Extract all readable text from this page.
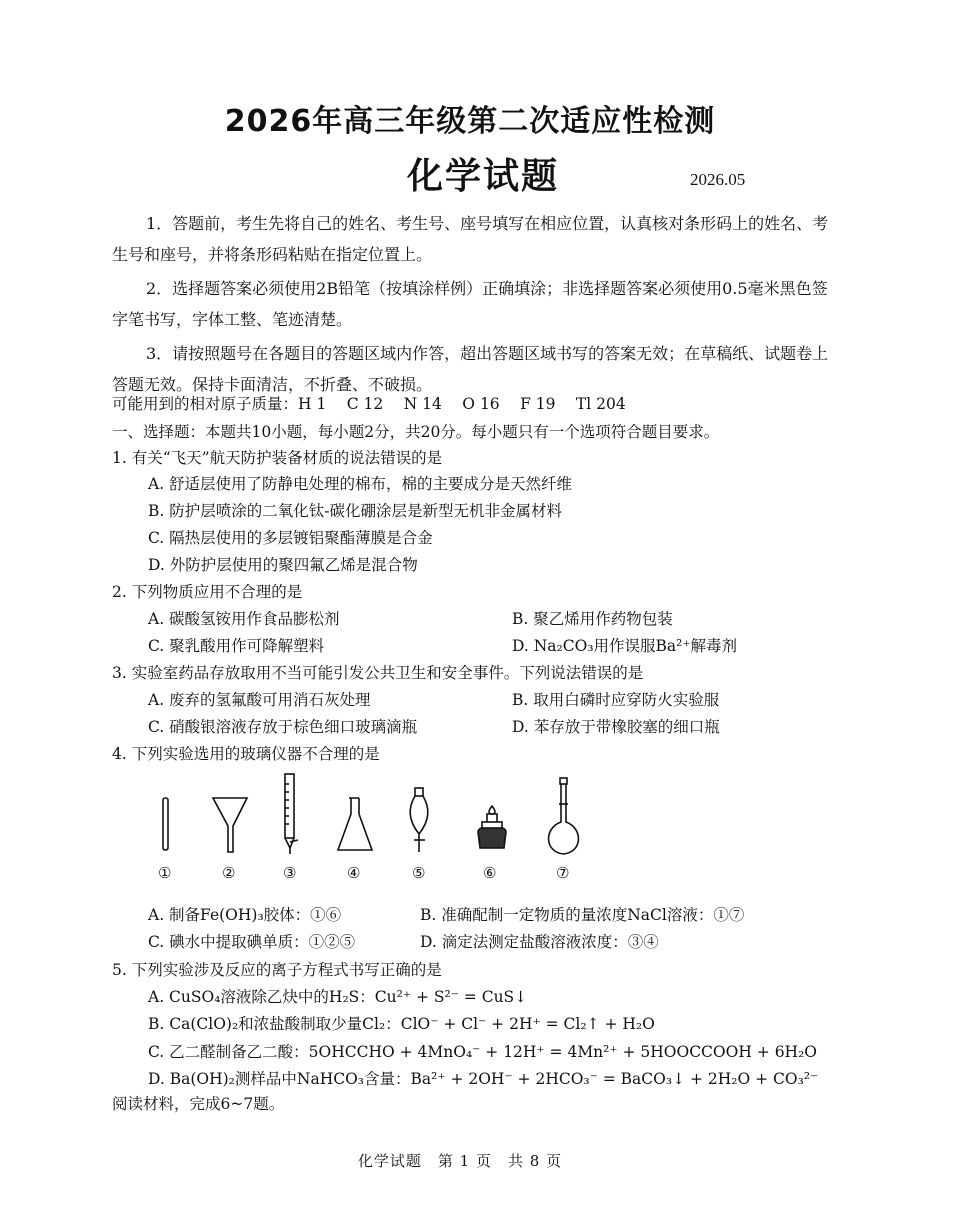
2026年高三年级第二次适应性检测
化学试题	2026.05

1．答题前，考生先将自己的姓名、考生号、座号填写在相应位置，认真核对条形码上的姓名、考生号和座号，并将条形码粘贴在指定位置上。

2．选择题答案必须使用2B铅笔（按填涂样例）正确填涂；非选择题答案必须使用0.5毫米黑色签字笔书写，字体工整、笔迹清楚。

3．请按照题号在各题目的答题区域内作答，超出答题区域书写的答案无效；在草稿纸、试题卷上答题无效。保持卡面清洁，不折叠、不破损。

可能用到的相对原子质量：H 1　 C 12　 N 14　 O 16　 F 19　 Tl 204
一、选择题：本题共10小题，每小题2分，共20分。每小题只有一个选项符合题目要求。
1. 有关“飞天”航天防护装备材质的说法错误的是
A. 舒适层使用了防静电处理的棉布，棉的主要成分是天然纤维
B. 防护层喷涂的二氧化钛-碳化硼涂层是新型无机非金属材料
C. 隔热层使用的多层镀铝聚酯薄膜是合金
D. 外防护层使用的聚四氟乙烯是混合物
2. 下列物质应用不合理的是
A. 碳酸氢铵用作食品膨松剂	B. 聚乙烯用作药物包装
C. 聚乳酸用作可降解塑料	D. Na₂CO₃用作误服Ba²⁺解毒剂
3. 实验室药品存放取用不当可能引发公共卫生和安全事件。下列说法错误的是
A. 废弃的氢氟酸可用消石灰处理	B. 取用白磷时应穿防火实验服
C. 硝酸银溶液存放于棕色细口玻璃滴瓶	D. 苯存放于带橡胶塞的细口瓶
4. 下列实验选用的玻璃仪器不合理的是
①	②	③	④	⑤	⑥	⑦
A. 制备Fe(OH)₃胶体：①⑥	B. 准确配制一定物质的量浓度NaCl溶液：①⑦
C. 碘水中提取碘单质：①②⑤	D. 滴定法测定盐酸溶液浓度：③④
5. 下列实验涉及反应的离子方程式书写正确的是
A. CuSO₄溶液除乙炔中的H₂S：Cu²⁺ + S²⁻ = CuS↓
B. Ca(ClO)₂和浓盐酸制取少量Cl₂：ClO⁻ + Cl⁻ + 2H⁺ = Cl₂↑ + H₂O
C. 乙二醛制备乙二酸：5OHCCHO + 4MnO₄⁻ + 12H⁺ = 4Mn²⁺ + 5HOOCCOOH + 6H₂O
D. Ba(OH)₂测样品中NaHCO₃含量：Ba²⁺ + 2OH⁻ + 2HCO₃⁻ = BaCO₃↓ + 2H₂O + CO₃²⁻
阅读材料，完成6~7题。
化学试题　第 1 页　共 8 页
